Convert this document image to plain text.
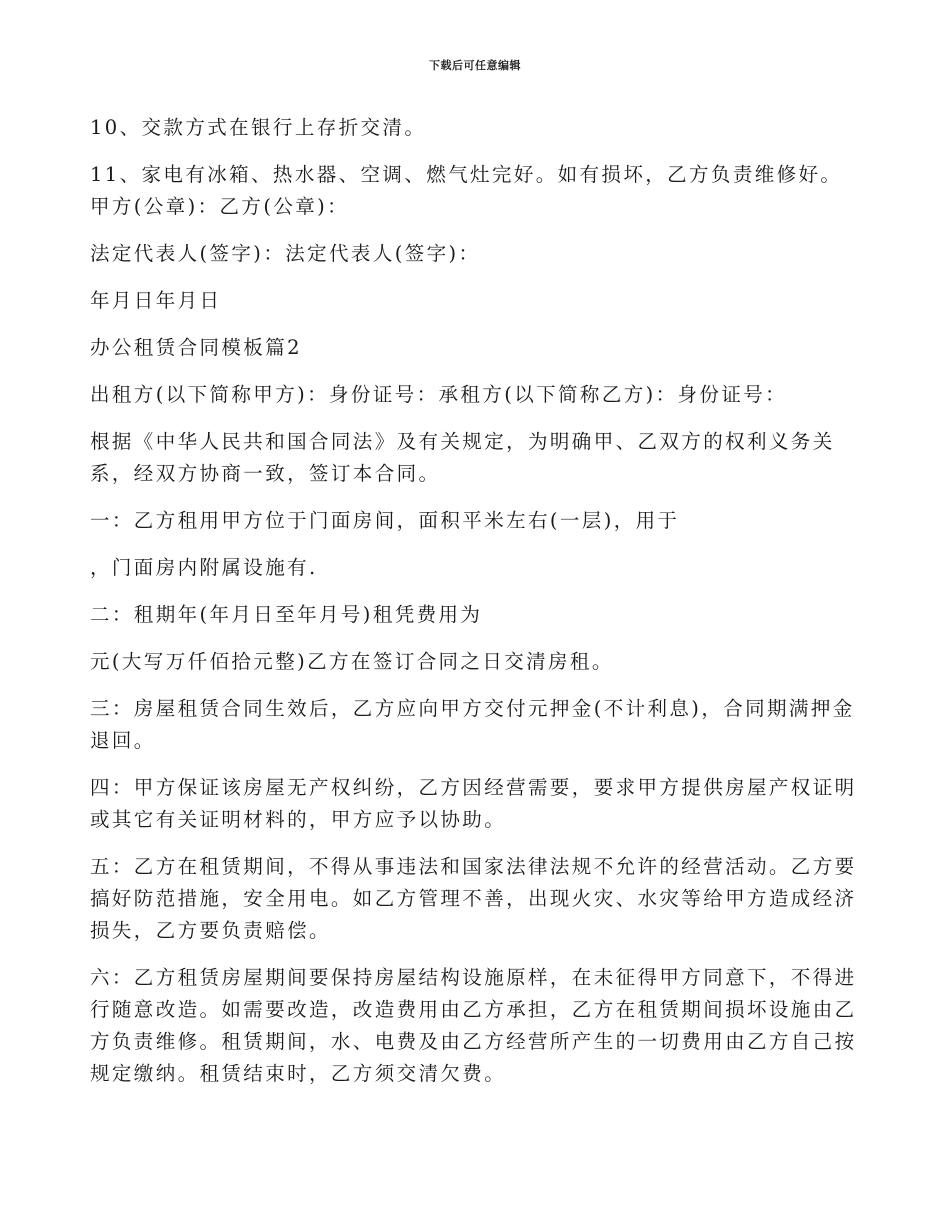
下载后可任意编辑

10、交款方式在银行上存折交清。

11、家电有冰箱、热水器、空调、燃气灶完好。如有损坏，乙方负责维修好。甲方(公章)：乙方(公章)：

法定代表人(签字)：法定代表人(签字)：

年月日年月日

办公租赁合同模板篇2

出租方(以下简称甲方)：身份证号：承租方(以下简称乙方)：身份证号：

根据《中华人民共和国合同法》及有关规定，为明确甲、乙双方的权利义务关系，经双方协商一致，签订本合同。

一：乙方租用甲方位于门面房间，面积平米左右(一层)，用于

，门面房内附属设施有.

二：租期年(年月日至年月号)租凭费用为

元(大写万仟佰拾元整)乙方在签订合同之日交清房租。

三：房屋租赁合同生效后，乙方应向甲方交付元押金(不计利息)，合同期满押金退回。

四：甲方保证该房屋无产权纠纷，乙方因经营需要，要求甲方提供房屋产权证明或其它有关证明材料的，甲方应予以协助。

五：乙方在租赁期间，不得从事违法和国家法律法规不允许的经营活动。乙方要搞好防范措施，安全用电。如乙方管理不善，出现火灾、水灾等给甲方造成经济损失，乙方要负责赔偿。

六：乙方租赁房屋期间要保持房屋结构设施原样，在未征得甲方同意下，不得进行随意改造。如需要改造，改造费用由乙方承担，乙方在租赁期间损坏设施由乙方负责维修。租赁期间，水、电费及由乙方经营所产生的一切费用由乙方自己按规定缴纳。租赁结束时，乙方须交清欠费。
